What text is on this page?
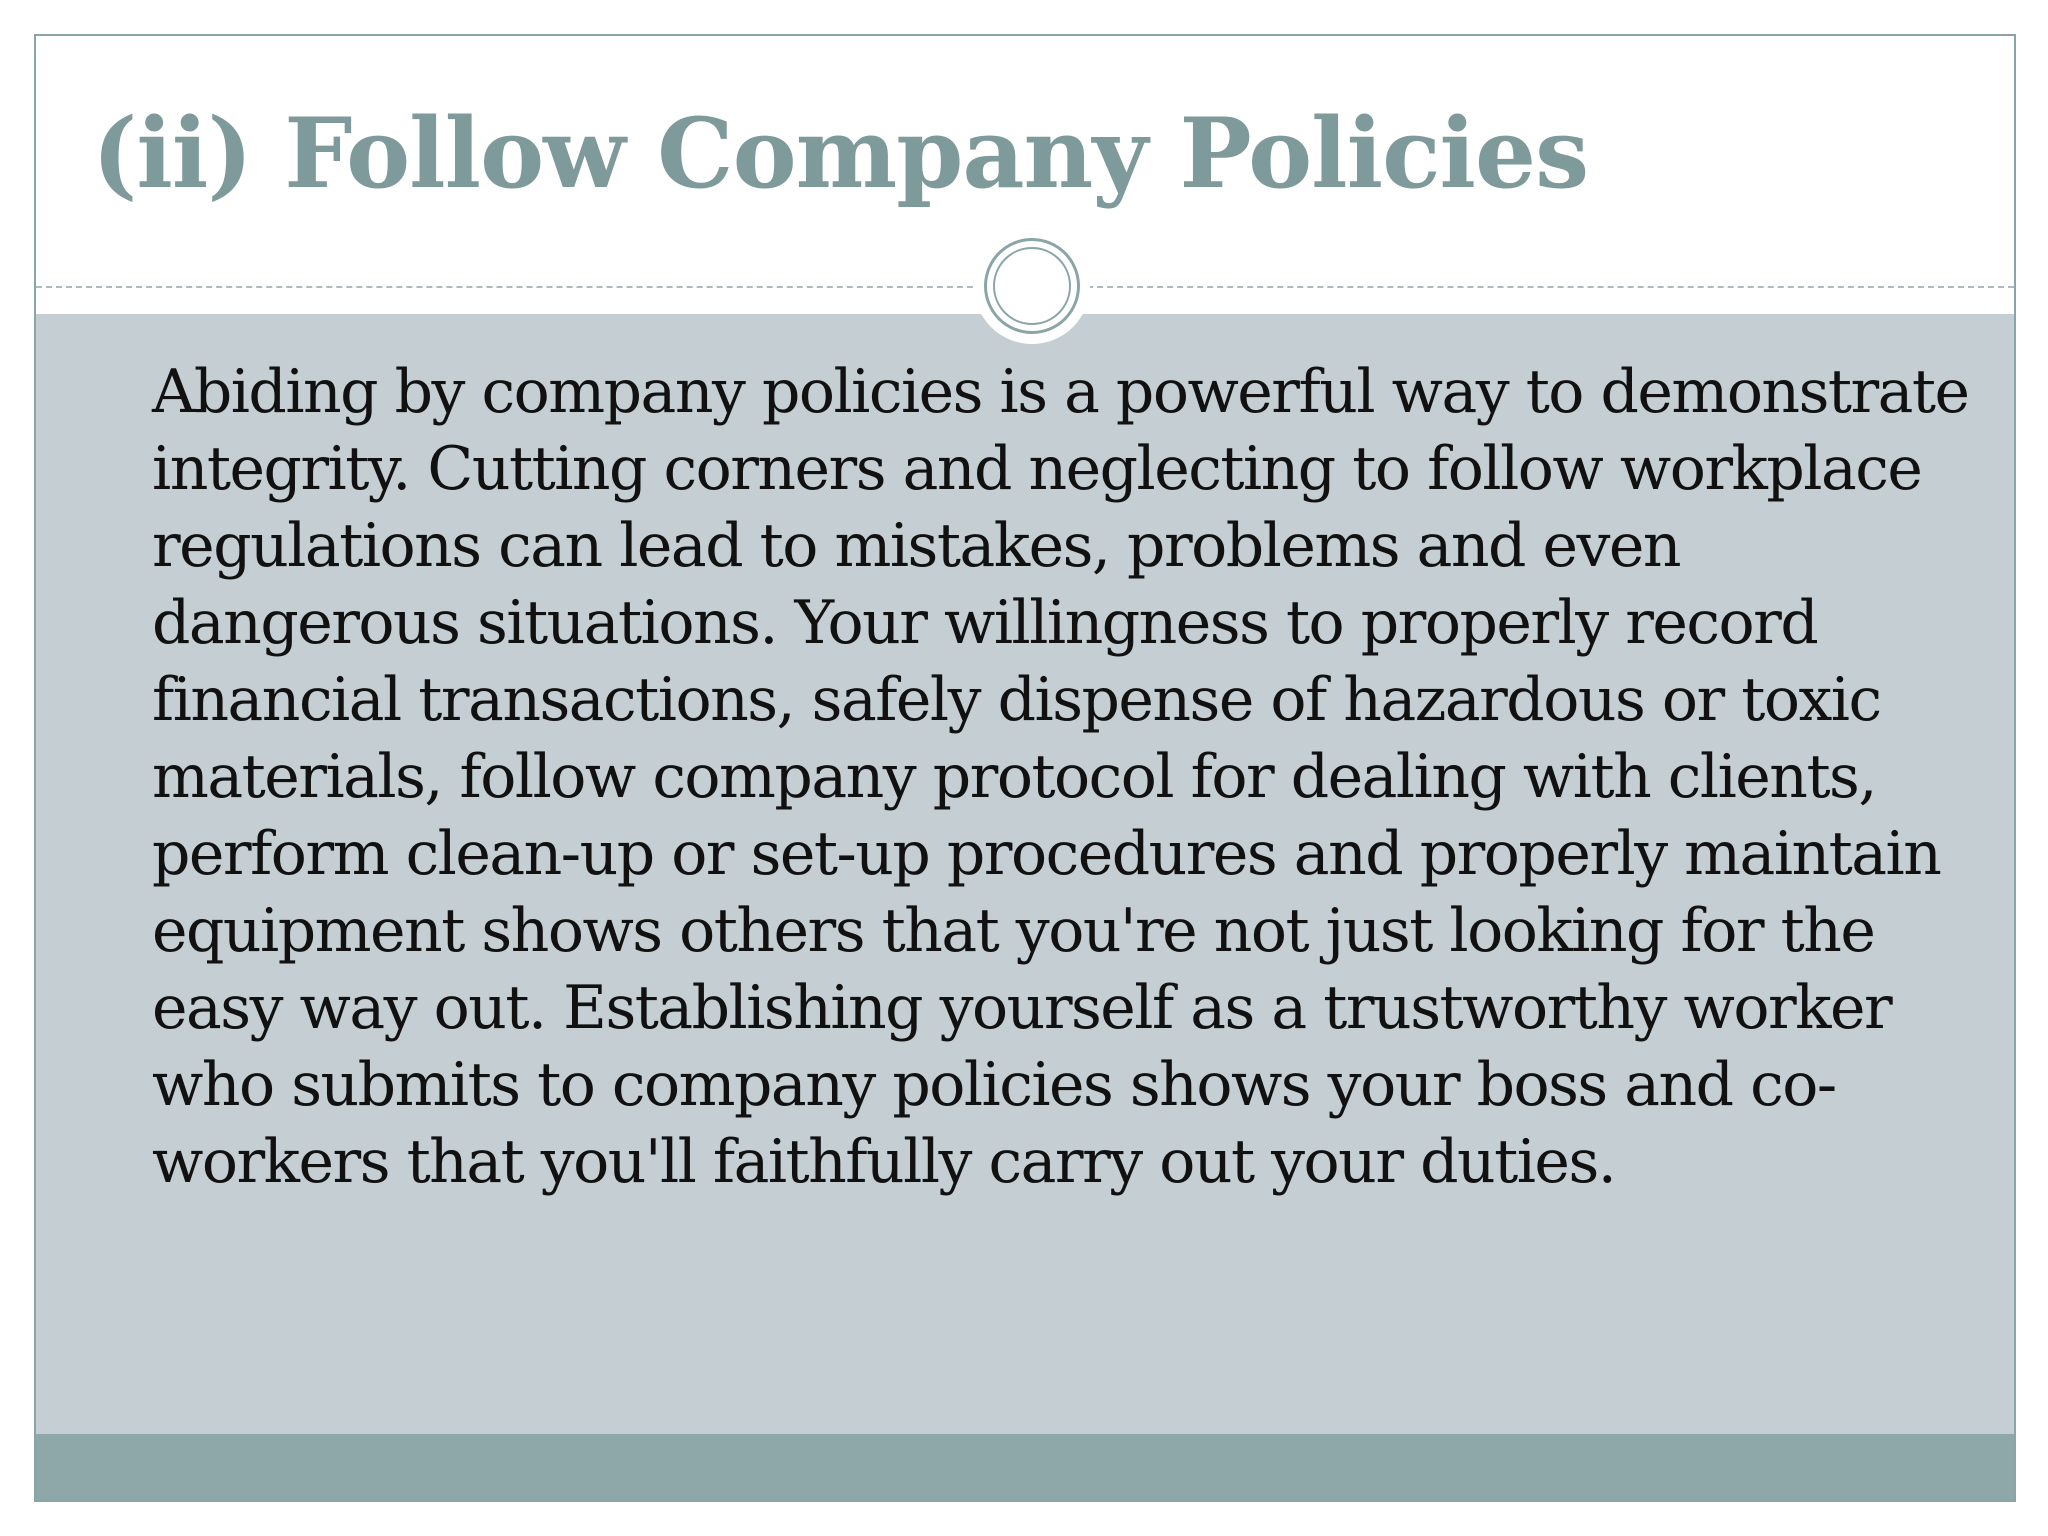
(ii) Follow Company Policies

Abiding by company policies is a powerful way to demonstrate integrity. Cutting corners and neglecting to follow workplace regulations can lead to mistakes, problems and even dangerous situations. Your willingness to properly record financial transactions, safely dispense of hazardous or toxic materials, follow company protocol for dealing with clients, perform clean-up or set-up procedures and properly maintain equipment shows others that you're not just looking for the easy way out. Establishing yourself as a trustworthy worker who submits to company policies shows your boss and co-workers that you'll faithfully carry out your duties.
